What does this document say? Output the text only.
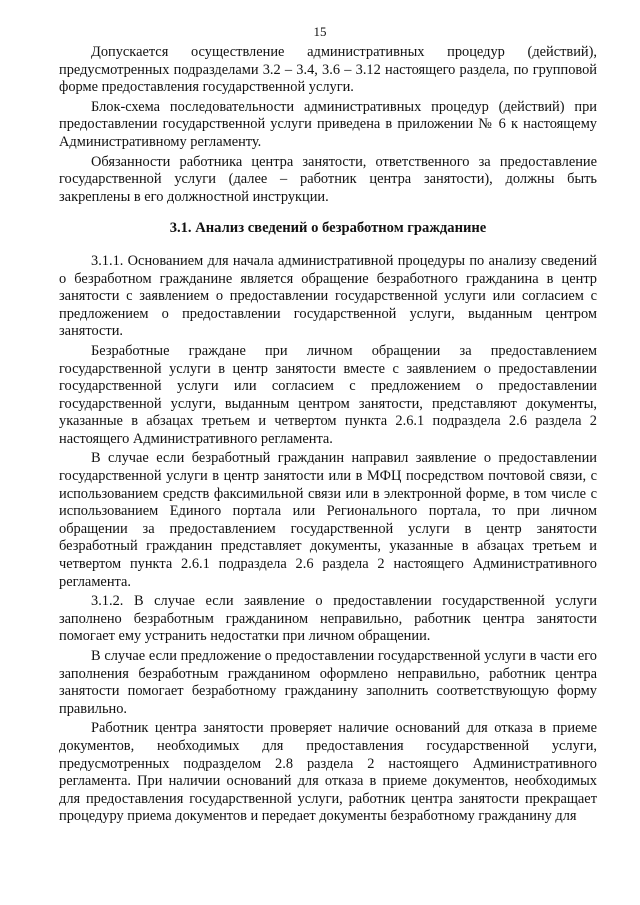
15

Допускается осуществление административных процедур (действий), предусмотренных подразделами 3.2 – 3.4, 3.6 – 3.12 настоящего раздела, по групповой форме предоставления государственной услуги.

Блок-схема последовательности административных процедур (действий) при предоставлении государственной услуги приведена в приложении № 6 к настоящему Административному регламенту.

Обязанности работника центра занятости, ответственного за предоставление государственной услуги (далее – работник центра занятости), должны быть закреплены в его должностной инструкции.

3.1. Анализ сведений о безработном гражданине

3.1.1. Основанием для начала административной процедуры по анализу сведений о безработном гражданине является обращение безработного гражданина в центр занятости с заявлением о предоставлении государственной услуги или согласием с предложением о предоставлении государственной услуги, выданным центром занятости.

Безработные граждане при личном обращении за предоставлением государственной услуги в центр занятости вместе с заявлением о предоставлении государственной услуги или согласием с предложением о предоставлении государственной услуги, выданным центром занятости, представляют документы, указанные в абзацах третьем и четвертом пункта 2.6.1 подраздела 2.6 раздела 2 настоящего Административного регламента.

В случае если безработный гражданин направил заявление о предоставлении государственной услуги в центр занятости или в МФЦ посредством почтовой связи, с использованием средств факсимильной связи или в электронной форме, в том числе с использованием Единого портала или Регионального портала, то при личном обращении за предоставлением государственной услуги в центр занятости безработный гражданин представляет документы, указанные в абзацах третьем и четвертом пункта 2.6.1 подраздела 2.6 раздела 2 настоящего Административного регламента.

3.1.2. В случае если заявление о предоставлении государственной услуги заполнено безработным гражданином неправильно, работник центра занятости помогает ему устранить недостатки при личном обращении.

В случае если предложение о предоставлении государственной услуги в части его заполнения безработным гражданином оформлено неправильно, работник центра занятости помогает безработному гражданину заполнить соответствующую форму правильно.

Работник центра занятости проверяет наличие оснований для отказа в приеме документов, необходимых для предоставления государственной услуги, предусмотренных подразделом 2.8 раздела 2 настоящего Административного регламента. При наличии оснований для отказа в приеме документов, необходимых для предоставления государственной услуги, работник центра занятости прекращает процедуру приема документов и передает документы безработному гражданину для
